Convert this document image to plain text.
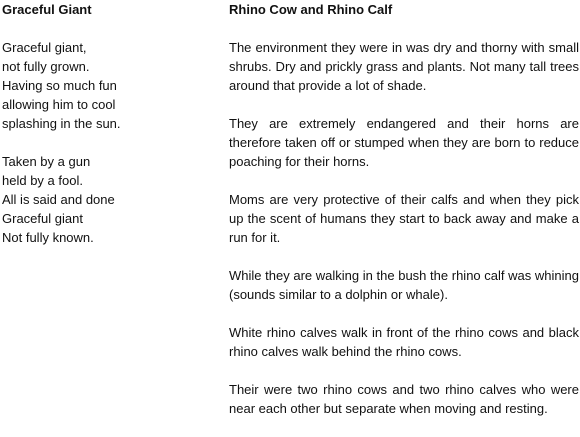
Graceful Giant
Graceful giant,
not fully grown.
Having so much fun
allowing him to cool
splashing in the sun.
Taken by a gun
held by a fool.
All is said and done
Graceful giant
Not fully known.
Rhino Cow and Rhino Calf

The environment they were in was dry and thorny with small shrubs. Dry and prickly grass and plants. Not many tall trees around that provide a lot of shade.

They are extremely endangered and their horns are therefore taken off or stumped when they are born to reduce poaching for their horns.

Moms are very protective of their calfs and when they pick up the scent of humans they start to back away and make a run for it.

While they are walking in the bush the rhino calf was whining (sounds similar to a dolphin or whale).

White rhino calves walk in front of the rhino cows and black rhino calves walk behind the rhino cows.

Their were two rhino cows and two rhino calves who were near each other but separate when moving and resting.
